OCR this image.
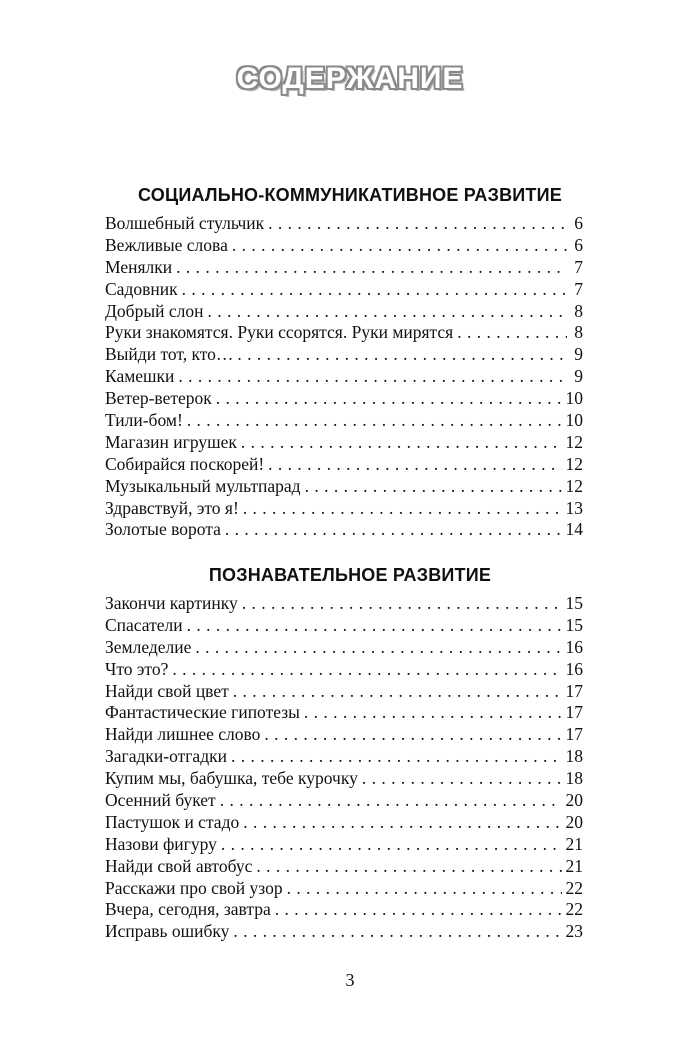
СОДЕРЖАНИЕ
СОЦИАЛЬНО-КОММУНИКАТИВНОЕ РАЗВИТИЕ
Волшебный стульчик . . .	6
Вежливые слова . . .	6
Менялки . . .	7
Садовник . . .	7
Добрый слон . . .	8
Руки знакомятся. Руки ссорятся. Руки мирятся . . .	8
Выйди тот, кто… . . .	9
Камешки . . .	9
Ветер-ветерок . . .	10
Тили-бом! . . .	10
Магазин игрушек . . .	12
Собирайся поскорей! . . .	12
Музыкальный мультпарад . . .	12
Здравствуй, это я! . . .	13
Золотые ворота . . .	14
ПОЗНАВАТЕЛЬНОЕ РАЗВИТИЕ
Закончи картинку . . .	15
Спасатели . . .	15
Земледелие . . .	16
Что это? . . .	16
Найди свой цвет . . .	17
Фантастические гипотезы . . .	17
Найди лишнее слово . . .	17
Загадки-отгадки . . .	18
Купим мы, бабушка, тебе курочку . . .	18
Осенний букет . . .	20
Пастушок и стадо . . .	20
Назови фигуру . . .	21
Найди свой автобус . . .	21
Расскажи про свой узор . . .	22
Вчера, сегодня, завтра . . .	22
Исправь ошибку . . .	23
3
